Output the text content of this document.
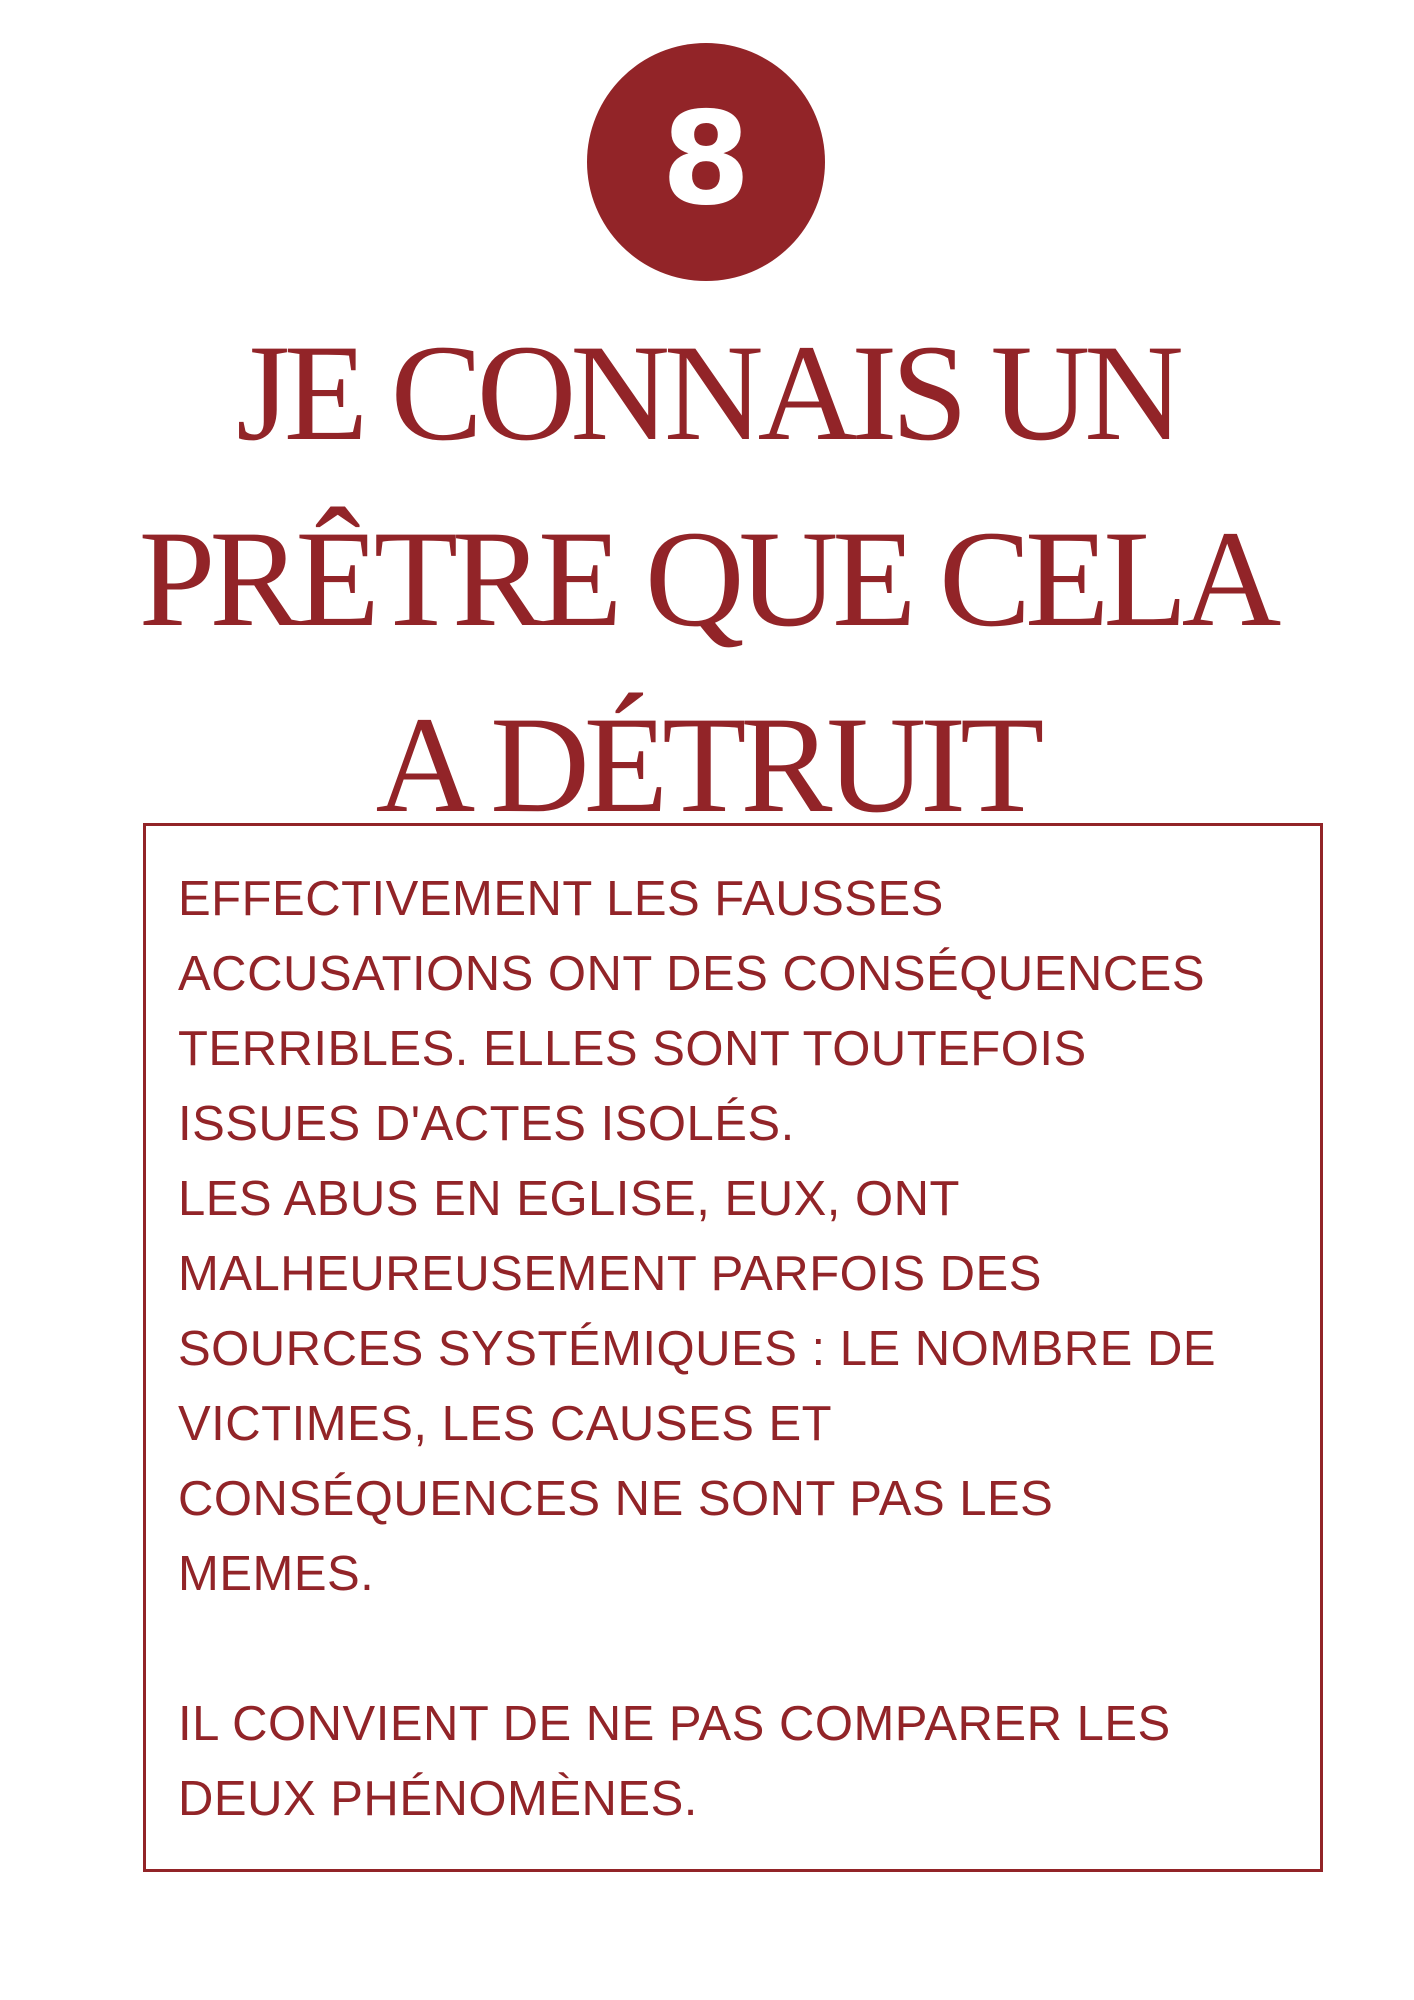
8
JE CONNAIS UN
PRÊTRE QUE CELA
A DÉTRUIT

EFFECTIVEMENT LES FAUSSES
ACCUSATIONS ONT DES CONSÉQUENCES
TERRIBLES. ELLES SONT TOUTEFOIS
ISSUES D'ACTES ISOLÉS.

LES ABUS EN EGLISE, EUX, ONT
MALHEUREUSEMENT PARFOIS DES
SOURCES SYSTÉMIQUES : LE NOMBRE DE
VICTIMES, LES CAUSES ET
CONSÉQUENCES NE SONT PAS LES
MEMES.

IL CONVIENT DE NE PAS COMPARER LES
DEUX PHÉNOMÈNES.
